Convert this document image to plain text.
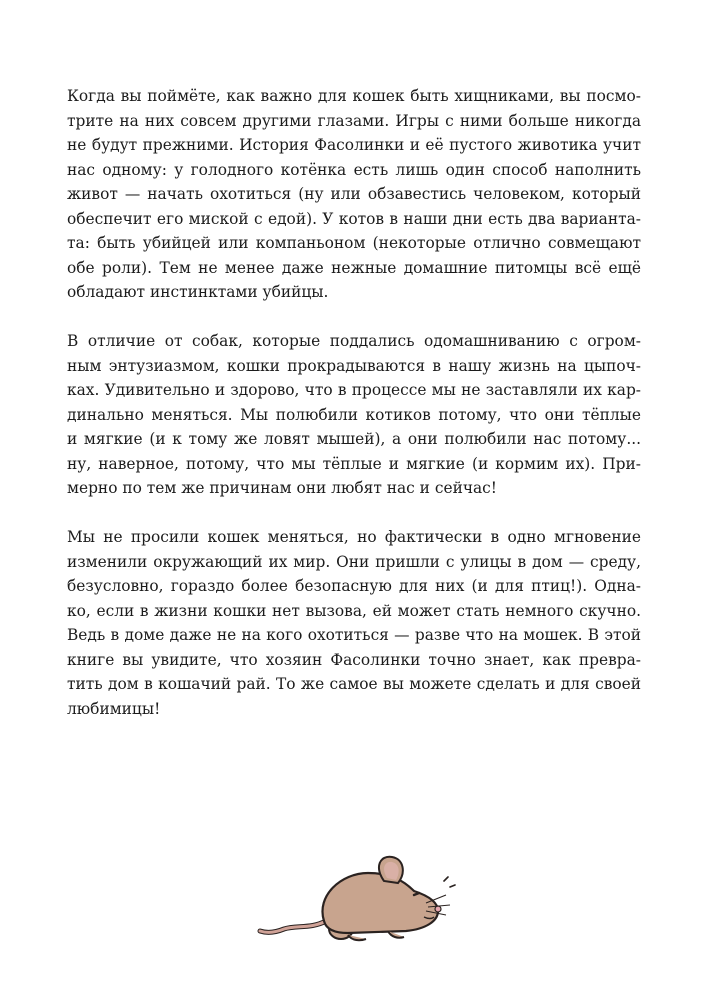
Когда вы поймёте, как важно для кошек быть хищниками, вы посмо-
трите на них совсем другими глазами. Игры с ними больше никогда
не будут прежними. История Фасолинки и её пустого животика учит
нас одному: у голодного котёнка есть лишь один способ наполнить
живот — начать охотиться (ну или обзавестись человеком, который
обеспечит его миской с едой). У котов в наши дни есть два варианта-
та: быть убийцей или компаньоном (некоторые отлично совмещают
обе роли). Тем не менее даже нежные домашние питомцы всё ещё
обладают инстинктами убийцы.
В отличие от собак, которые поддались одомашниванию с огром-
ным энтузиазмом, кошки прокрадываются в нашу жизнь на цыпоч-
ках. Удивительно и здорово, что в процессе мы не заставляли их кар-
динально меняться. Мы полюбили котиков потому, что они тёплые
и мягкие (и к тому же ловят мышей), а они полюбили нас потому...
ну, наверное, потому, что мы тёплые и мягкие (и кормим их). При-
мерно по тем же причинам они любят нас и сейчас!
Мы не просили кошек меняться, но фактически в одно мгновение
изменили окружающий их мир. Они пришли с улицы в дом — среду,
безусловно, гораздо более безопасную для них (и для птиц!). Одна-
ко, если в жизни кошки нет вызова, ей может стать немного скучно.
Ведь в доме даже не на кого охотиться — разве что на мошек. В этой
книге вы увидите, что хозяин Фасолинки точно знает, как превра-
тить дом в кошачий рай. То же самое вы можете сделать и для своей
любимицы!
